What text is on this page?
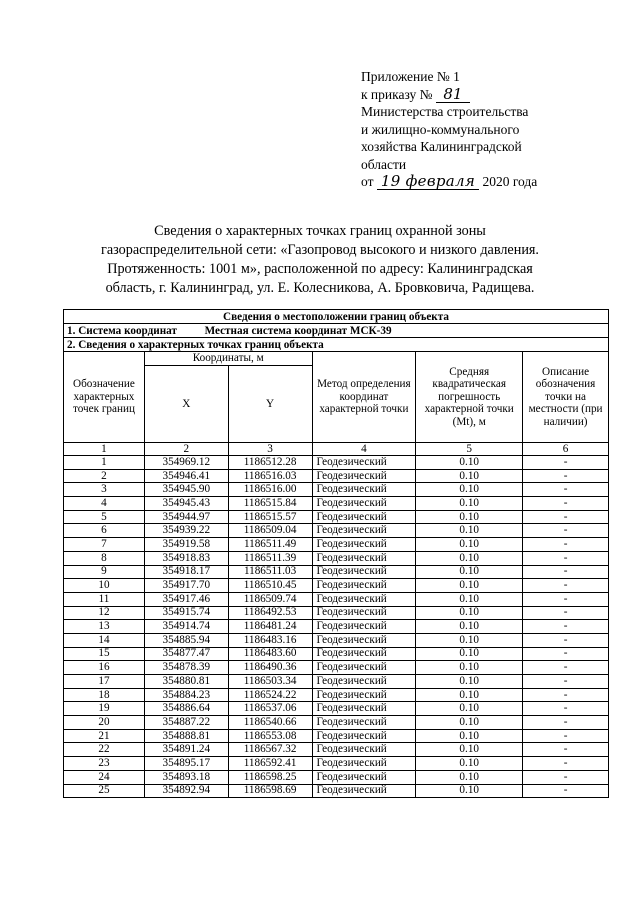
Приложение № 1
к приказу № 81
Министерства строительства
и жилищно-коммунального
хозяйства Калининградской
области
от 19 февраля 2020 года
Сведения о характерных точках границ охранной зоны
газораспределительной сети: «Газопровод высокого и низкого давления.
Протяженность: 1001 м», расположенной по адресу: Калининградская
область, г. Калининград, ул. Е. Колесникова, А. Бровковича, Радищева.
Сведения о местоположении границ объекта					
1. Система координат Местная система координат МСК-39					
2. Сведения о характерных точках границ объекта					
Обозначение характерных точек границ	Координаты, м		Метод определения координат характерной точки	Средняя квадратическая погрешность характерной точки (Mt), м	Описание обозначения точки на местности (при наличии)
	X	Y			
1	2	3	4	5	6
1	354969.12	1186512.28	Геодезический	0.10	-
2	354946.41	1186516.03	Геодезический	0.10	-
3	354945.90	1186516.00	Геодезический	0.10	-
4	354945.43	1186515.84	Геодезический	0.10	-
5	354944.97	1186515.57	Геодезический	0.10	-
6	354939.22	1186509.04	Геодезический	0.10	-
7	354919.58	1186511.49	Геодезический	0.10	-
8	354918.83	1186511.39	Геодезический	0.10	-
9	354918.17	1186511.03	Геодезический	0.10	-
10	354917.70	1186510.45	Геодезический	0.10	-
11	354917.46	1186509.74	Геодезический	0.10	-
12	354915.74	1186492.53	Геодезический	0.10	-
13	354914.74	1186481.24	Геодезический	0.10	-
14	354885.94	1186483.16	Геодезический	0.10	-
15	354877.47	1186483.60	Геодезический	0.10	-
16	354878.39	1186490.36	Геодезический	0.10	-
17	354880.81	1186503.34	Геодезический	0.10	-
18	354884.23	1186524.22	Геодезический	0.10	-
19	354886.64	1186537.06	Геодезический	0.10	-
20	354887.22	1186540.66	Геодезический	0.10	-
21	354888.81	1186553.08	Геодезический	0.10	-
22	354891.24	1186567.32	Геодезический	0.10	-
23	354895.17	1186592.41	Геодезический	0.10	-
24	354893.18	1186598.25	Геодезический	0.10	-
25	354892.94	1186598.69	Геодезический	0.10	-
